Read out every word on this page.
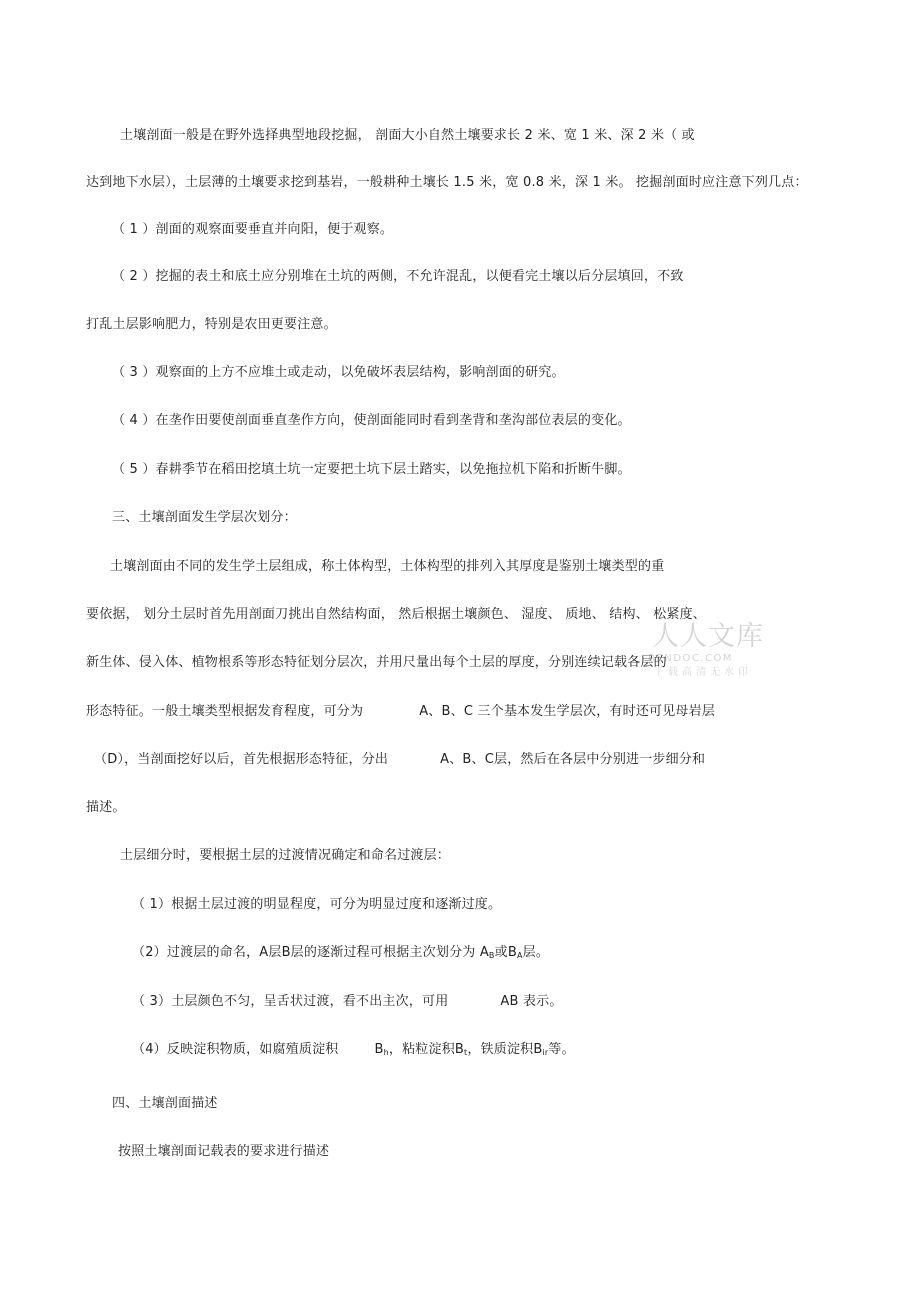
土壤剖面一般是在野外选择典型地段挖掘， 剖面大小自然土壤要求长 2 米、宽 1 米、深 2 米（ 或
达到地下水层），土层薄的土壤要求挖到基岩，一般耕种土壤长 1.5 米，宽 0.8 米，深 1 米。 挖掘剖面时应注意下列几点：
（ 1 ）剖面的观察面要垂直并向阳，便于观察。
（ 2 ）挖掘的表土和底土应分别堆在土坑的两侧，不允许混乱，以便看完土壤以后分层填回，不致
打乱土层影响肥力，特别是农田更要注意。
（ 3 ）观察面的上方不应堆土或走动，以免破坏表层结构，影响剖面的研究。
（ 4 ）在垄作田要使剖面垂直垄作方向，使剖面能同时看到垄背和垄沟部位表层的变化。
（ 5 ）春耕季节在稻田挖填土坑一定要把土坑下层土踏实，以免拖拉机下陷和折断牛脚。
三、土壤剖面发生学层次划分：
土壤剖面由不同的发生学土层组成，称土体构型，土体构型的排列入其厚度是鉴别土壤类型的重
要依据， 划分土层时首先用剖面刀挑出自然结构面， 然后根据土壤颜色、 湿度、 质地、 结构、 松紧度、
新生体、侵入体、植物根系等形态特征划分层次，并用尺量出每个土层的厚度，分别连续记载各层的
形态特征。一般土壤类型根据发育程度，可分为	A、B、C 三个基本发生学层次，有时还可见母岩层
（D），当剖面挖好以后，首先根据形态特征，分出	A、B、C层，然后在各层中分别进一步细分和
描述。
土层细分时，要根据土层的过渡情况确定和命名过渡层：
（ 1）根据土层过渡的明显程度，可分为明显过度和逐渐过度。
（2）过渡层的命名，A层B层的逐渐过程可根据主次划分为 $A_B$或$B_A$层。
（ 3）土层颜色不匀，呈舌状过渡，看不出主次，可用	AB 表示。
（4）反映淀积物质，如腐殖质淀积	$B_h$，粘粒淀积$B_t$，铁质淀积$B_{ir}$等。
四、土壤剖面描述
按照土壤剖面记载表的要求进行描述
人人文库
RENDOC.COM
下载高清无水印
